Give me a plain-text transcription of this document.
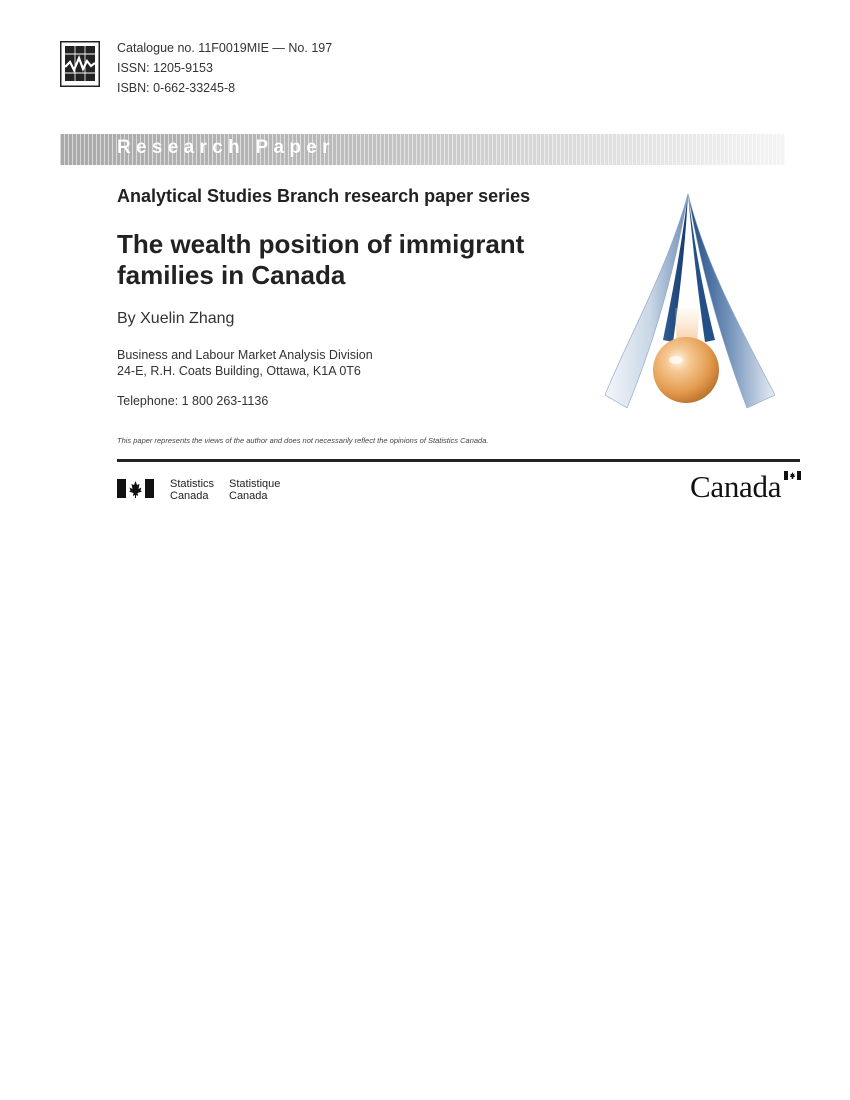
Catalogue no. 11F0019MIE — No. 197
ISSN: 1205-9153
ISBN: 0-662-33245-8
Research Paper
Analytical Studies Branch research paper series
The wealth position of immigrant
families in Canada
By Xuelin Zhang
Business and Labour Market Analysis Division
24-E, R.H. Coats Building, Ottawa, K1A 0T6
Telephone: 1 800 263-1136
This paper represents the views of the author and does not necessarily reflect the opinions of Statistics Canada.
Statistics
Canada
Statistique
Canada	Canada
